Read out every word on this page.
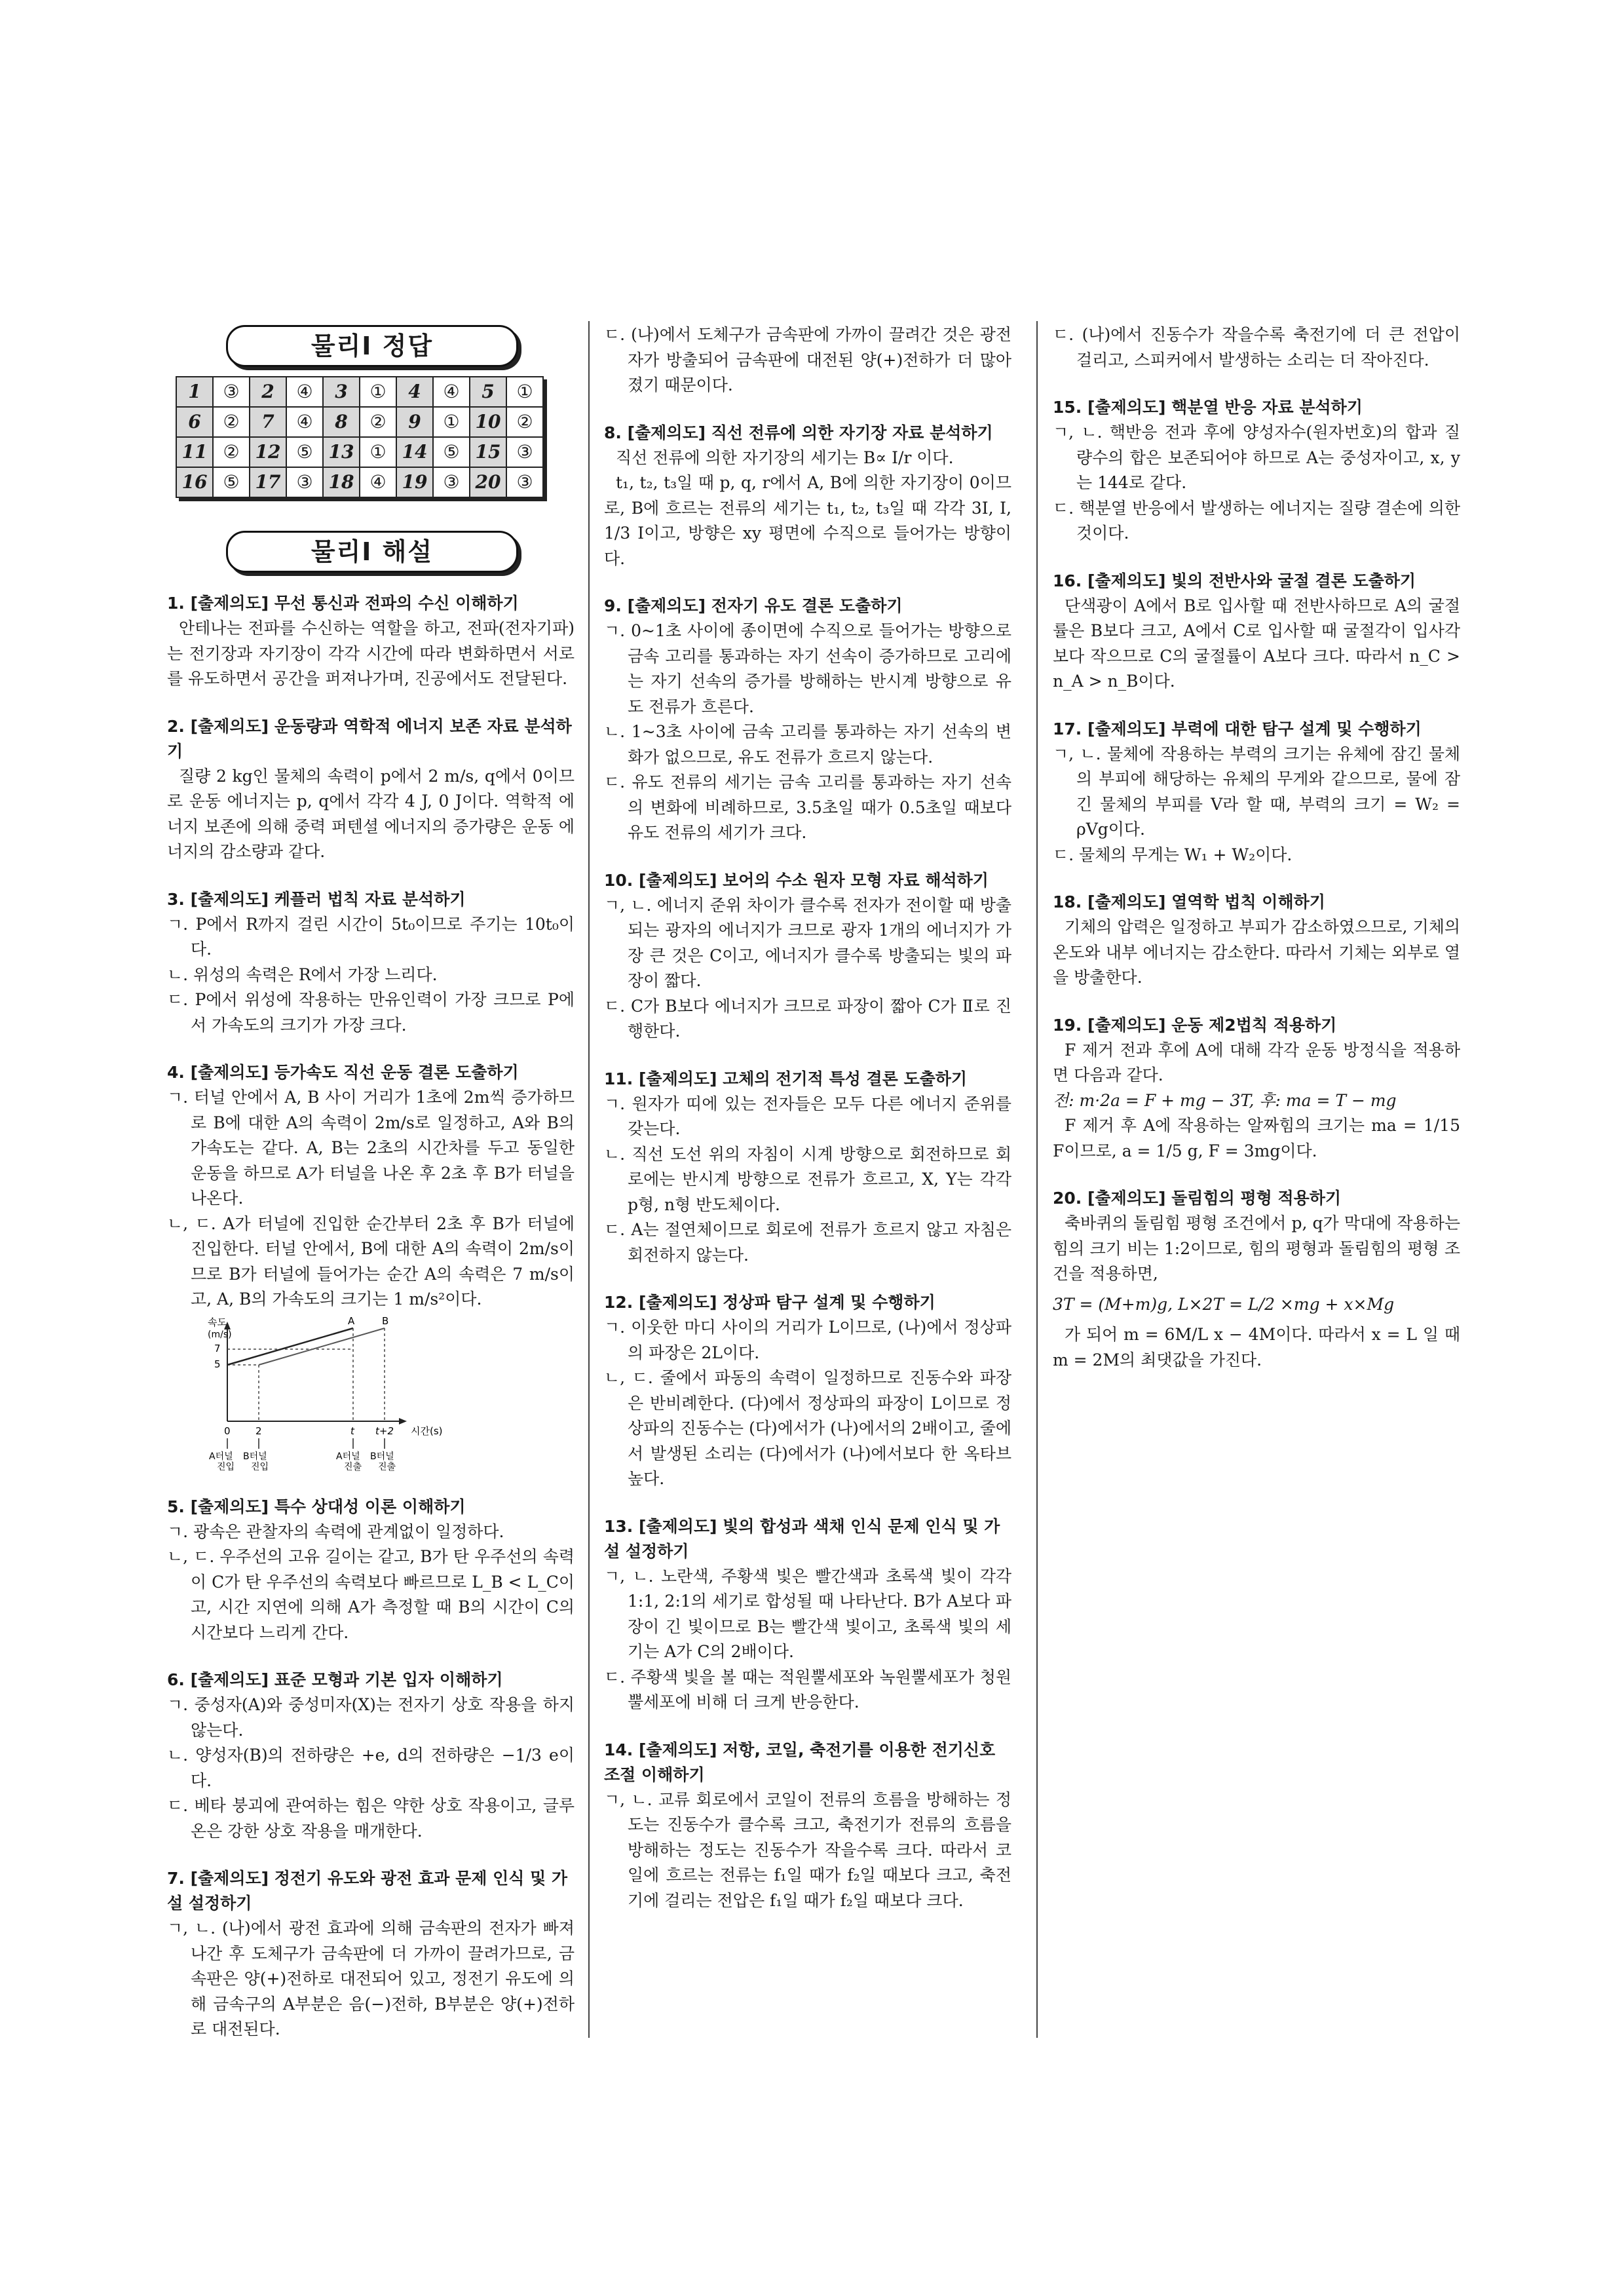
물리Ⅰ 정답
1	③	2	④	3	①	4	④	5	①
6	②	7	④	8	②	9	①	10	②
11	②	12	⑤	13	①	14	⑤	15	③
16	⑤	17	③	18	④	19	③	20	③
물리Ⅰ 해설
1. [출제의도] 무선 통신과 전파의 수신 이해하기
안테나는 전파를 수신하는 역할을 하고, 전파(전자기파)는 전기장과 자기장이 각각 시간에 따라 변화하면서 서로를 유도하면서 공간을 퍼져나가며, 진공에서도 전달된다.
2. [출제의도] 운동량과 역학적 에너지 보존 자료 분석하기
질량 2 kg인 물체의 속력이 p에서 2 m/s, q에서 0이므로 운동 에너지는 p, q에서 각각 4 J, 0 J이다. 역학적 에너지 보존에 의해 중력 퍼텐셜 에너지의 증가량은 운동 에너지의 감소량과 같다.
3. [출제의도] 케플러 법칙 자료 분석하기
ㄱ. P에서 R까지 걸린 시간이 5t₀이므로 주기는 10t₀이다.
ㄴ. 위성의 속력은 R에서 가장 느리다.
ㄷ. P에서 위성에 작용하는 만유인력이 가장 크므로 P에서 가속도의 크기가 가장 크다.
4. [출제의도] 등가속도 직선 운동 결론 도출하기
ㄱ. 터널 안에서 A, B 사이 거리가 1초에 2m씩 증가하므로 B에 대한 A의 속력이 2m/s로 일정하고, A와 B의 가속도는 같다. A, B는 2초의 시간차를 두고 동일한 운동을 하므로 A가 터널을 나온 후 2초 후 B가 터널을 나온다.
ㄴ, ㄷ. A가 터널에 진입한 순간부터 2초 후 B가 터널에 진입한다. 터널 안에서, B에 대한 A의 속력이 2m/s이므로 B가 터널에 들어가는 순간 A의 속력은 7 m/s이고, A, B의 가속도의 크기는 1 m/s²이다.
속도
(m/s)
7
5
A	B
0	2	t t+2 시간(s)
A터널
진입
B터널
진입
A터널
진출
B터널
진출
5. [출제의도] 특수 상대성 이론 이해하기
ㄱ. 광속은 관찰자의 속력에 관계없이 일정하다.
ㄴ, ㄷ. 우주선의 고유 길이는 같고, B가 탄 우주선의 속력이 C가 탄 우주선의 속력보다 빠르므로 L_B < L_C이고, 시간 지연에 의해 A가 측정할 때 B의 시간이 C의 시간보다 느리게 간다.
6. [출제의도] 표준 모형과 기본 입자 이해하기
ㄱ. 중성자(A)와 중성미자(X)는 전자기 상호 작용을 하지 않는다.
ㄴ. 양성자(B)의 전하량은 +e, d의 전하량은 −1/3 e이다.
ㄷ. 베타 붕괴에 관여하는 힘은 약한 상호 작용이고, 글루온은 강한 상호 작용을 매개한다.
7. [출제의도] 정전기 유도와 광전 효과 문제 인식 및 가설 설정하기
ㄱ, ㄴ. (나)에서 광전 효과에 의해 금속판의 전자가 빠져나간 후 도체구가 금속판에 더 가까이 끌려가므로, 금속판은 양(+)전하로 대전되어 있고, 정전기 유도에 의해 금속구의 A부분은 음(−)전하, B부분은 양(+)전하로 대전된다.
ㄷ. (나)에서 도체구가 금속판에 가까이 끌려간 것은 광전자가 방출되어 금속판에 대전된 양(+)전하가 더 많아졌기 때문이다.
8. [출제의도] 직선 전류에 의한 자기장 자료 분석하기
직선 전류에 의한 자기장의 세기는 B∝ I/r 이다.
t₁, t₂, t₃일 때 p, q, r에서 A, B에 의한 자기장이 0이므로, B에 흐르는 전류의 세기는 t₁, t₂, t₃일 때 각각 3I, I, 1/3 I이고, 방향은 xy 평면에 수직으로 들어가는 방향이다.
9. [출제의도] 전자기 유도 결론 도출하기
ㄱ. 0~1초 사이에 종이면에 수직으로 들어가는 방향으로 금속 고리를 통과하는 자기 선속이 증가하므로 고리에는 자기 선속의 증가를 방해하는 반시계 방향으로 유도 전류가 흐른다.
ㄴ. 1~3초 사이에 금속 고리를 통과하는 자기 선속의 변화가 없으므로, 유도 전류가 흐르지 않는다.
ㄷ. 유도 전류의 세기는 금속 고리를 통과하는 자기 선속의 변화에 비례하므로, 3.5초일 때가 0.5초일 때보다 유도 전류의 세기가 크다.
10. [출제의도] 보어의 수소 원자 모형 자료 해석하기
ㄱ, ㄴ. 에너지 준위 차이가 클수록 전자가 전이할 때 방출되는 광자의 에너지가 크므로 광자 1개의 에너지가 가장 큰 것은 C이고, 에너지가 클수록 방출되는 빛의 파장이 짧다.
ㄷ. C가 B보다 에너지가 크므로 파장이 짧아 C가 Ⅱ로 진행한다.
11. [출제의도] 고체의 전기적 특성 결론 도출하기
ㄱ. 원자가 띠에 있는 전자들은 모두 다른 에너지 준위를 갖는다.
ㄴ. 직선 도선 위의 자침이 시계 방향으로 회전하므로 회로에는 반시계 방향으로 전류가 흐르고, X, Y는 각각 p형, n형 반도체이다.
ㄷ. A는 절연체이므로 회로에 전류가 흐르지 않고 자침은 회전하지 않는다.
12. [출제의도] 정상파 탐구 설계 및 수행하기
ㄱ. 이웃한 마디 사이의 거리가 L이므로, (나)에서 정상파의 파장은 2L이다.
ㄴ, ㄷ. 줄에서 파동의 속력이 일정하므로 진동수와 파장은 반비례한다. (다)에서 정상파의 파장이 L이므로 정상파의 진동수는 (다)에서가 (나)에서의 2배이고, 줄에서 발생된 소리는 (다)에서가 (나)에서보다 한 옥타브 높다.
13. [출제의도] 빛의 합성과 색채 인식 문제 인식 및 가설 설정하기
ㄱ, ㄴ. 노란색, 주황색 빛은 빨간색과 초록색 빛이 각각 1:1, 2:1의 세기로 합성될 때 나타난다. B가 A보다 파장이 긴 빛이므로 B는 빨간색 빛이고, 초록색 빛의 세기는 A가 C의 2배이다.
ㄷ. 주황색 빛을 볼 때는 적원뿔세포와 녹원뿔세포가 청원뿔세포에 비해 더 크게 반응한다.
14. [출제의도] 저항, 코일, 축전기를 이용한 전기신호 조절 이해하기
ㄱ, ㄴ. 교류 회로에서 코일이 전류의 흐름을 방해하는 정도는 진동수가 클수록 크고, 축전기가 전류의 흐름을 방해하는 정도는 진동수가 작을수록 크다. 따라서 코일에 흐르는 전류는 f₁일 때가 f₂일 때보다 크고, 축전기에 걸리는 전압은 f₁일 때가 f₂일 때보다 크다.
ㄷ. (나)에서 진동수가 작을수록 축전기에 더 큰 전압이 걸리고, 스피커에서 발생하는 소리는 더 작아진다.
15. [출제의도] 핵분열 반응 자료 분석하기
ㄱ, ㄴ. 핵반응 전과 후에 양성자수(원자번호)의 합과 질량수의 합은 보존되어야 하므로 A는 중성자이고, x, y는 144로 같다.
ㄷ. 핵분열 반응에서 발생하는 에너지는 질량 결손에 의한 것이다.
16. [출제의도] 빛의 전반사와 굴절 결론 도출하기
단색광이 A에서 B로 입사할 때 전반사하므로 A의 굴절률은 B보다 크고, A에서 C로 입사할 때 굴절각이 입사각보다 작으므로 C의 굴절률이 A보다 크다. 따라서 n_C > n_A > n_B이다.
17. [출제의도] 부력에 대한 탐구 설계 및 수행하기
ㄱ, ㄴ. 물체에 작용하는 부력의 크기는 유체에 잠긴 물체의 부피에 해당하는 유체의 무게와 같으므로, 물에 잠긴 물체의 부피를 V라 할 때, 부력의 크기 = W₂ = ρVg이다.
ㄷ. 물체의 무게는 W₁ + W₂이다.
18. [출제의도] 열역학 법칙 이해하기
기체의 압력은 일정하고 부피가 감소하였으므로, 기체의 온도와 내부 에너지는 감소한다. 따라서 기체는 외부로 열을 방출한다.
19. [출제의도] 운동 제2법칙 적용하기
F 제거 전과 후에 A에 대해 각각 운동 방정식을 적용하면 다음과 같다.
전: m·2a = F + mg − 3T, 후: ma = T − mg
F 제거 후 A에 작용하는 알짜힘의 크기는 ma = 1/15 F이므로, a = 1/5 g, F = 3mg이다.
20. [출제의도] 돌림힘의 평형 적용하기
축바퀴의 돌림힘 평형 조건에서 p, q가 막대에 작용하는 힘의 크기 비는 1:2이므로, 힘의 평형과 돌림힘의 평형 조건을 적용하면,
3T = (M+m)g, L×2T = L/2 ×mg + x×Mg
가 되어 m = 6M/L x − 4M이다. 따라서 x = L 일 때 m = 2M의 최댓값을 가진다.
